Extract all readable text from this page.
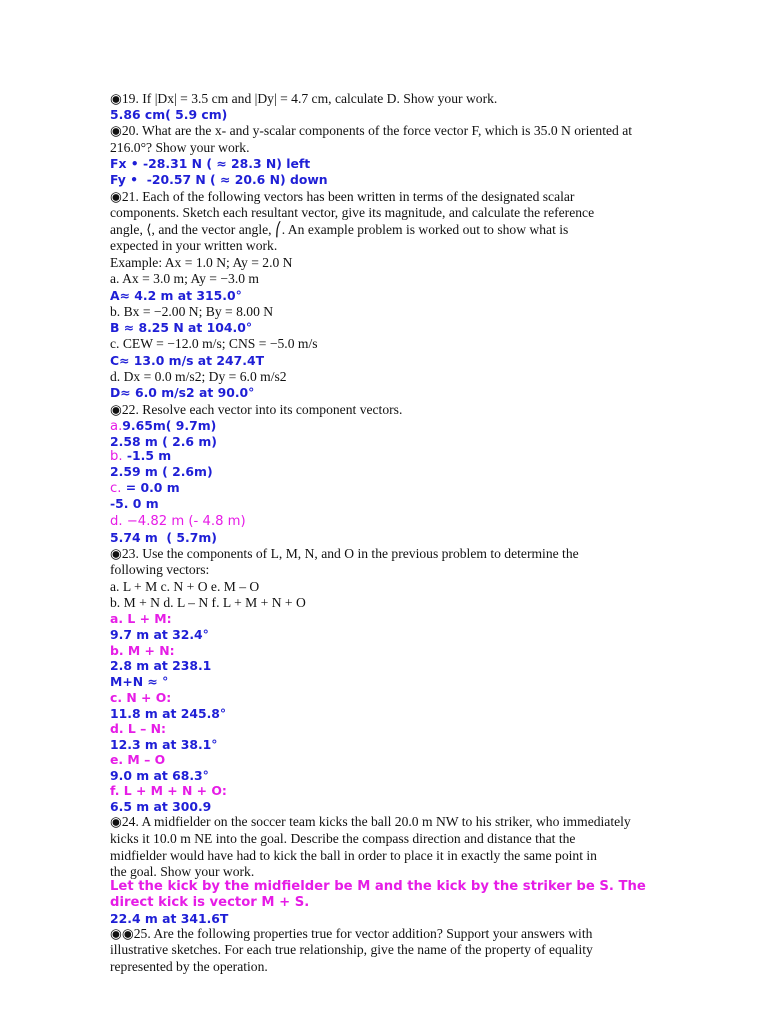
◉19. If |Dx| = 3.5 cm and |Dy| = 4.7 cm, calculate D. Show your work.
5.86 cm( 5.9 cm)
◉20. What are the x- and y-scalar components of the force vector F, which is 35.0 N oriented at
216.0°? Show your work.
Fx • -28.31 N ( ≈ 28.3 N) left
Fy •  -20.57 N ( ≈ 20.6 N) down
◉21. Each of the following vectors has been written in terms of the designated scalar
components. Sketch each resultant vector, give its magnitude, and calculate the reference
angle, ⟨, and the vector angle, ⎛. An example problem is worked out to show what is
expected in your written work.
Example: Ax = 1.0 N; Ay = 2.0 N
a. Ax = 3.0 m; Ay = −3.0 m
A≈ 4.2 m at 315.0°
b. Bx = −2.00 N; By = 8.00 N
B ≈ 8.25 N at 104.0°
c. CEW = −12.0 m/s; CNS = −5.0 m/s
C≈ 13.0 m/s at 247.4T
d. Dx = 0.0 m/s2; Dy = 6.0 m/s2
D≈ 6.0 m/s2 at 90.0°
◉22. Resolve each vector into its component vectors.
a.9.65m( 9.7m)
2.58 m ( 2.6 m)
b. -1.5 m
2.59 m ( 2.6m)
c. = 0.0 m
-5. 0 m
d. −4.82 m (- 4.8 m)
5.74 m  ( 5.7m)
◉23. Use the components of L, M, N, and O in the previous problem to determine the
following vectors:
a. L + M c. N + O e. M – O
b. M + N d. L – N f. L + M + N + O
a. L + M:
9.7 m at 32.4°
b. M + N:
2.8 m at 238.1
M+N ≈ °
c. N + O:
11.8 m at 245.8°
d. L – N:
12.3 m at 38.1°
e. M – O
9.0 m at 68.3°
f. L + M + N + O:
6.5 m at 300.9
◉24. A midfielder on the soccer team kicks the ball 20.0 m NW to his striker, who immediately
kicks it 10.0 m NE into the goal. Describe the compass direction and distance that the
midfielder would have had to kick the ball in order to place it in exactly the same point in
the goal. Show your work.
Let the kick by the midfielder be M and the kick by the striker be S. The
direct kick is vector M + S.
22.4 m at 341.6T
◉◉25. Are the following properties true for vector addition? Support your answers with
illustrative sketches. For each true relationship, give the name of the property of equality
represented by the operation.
